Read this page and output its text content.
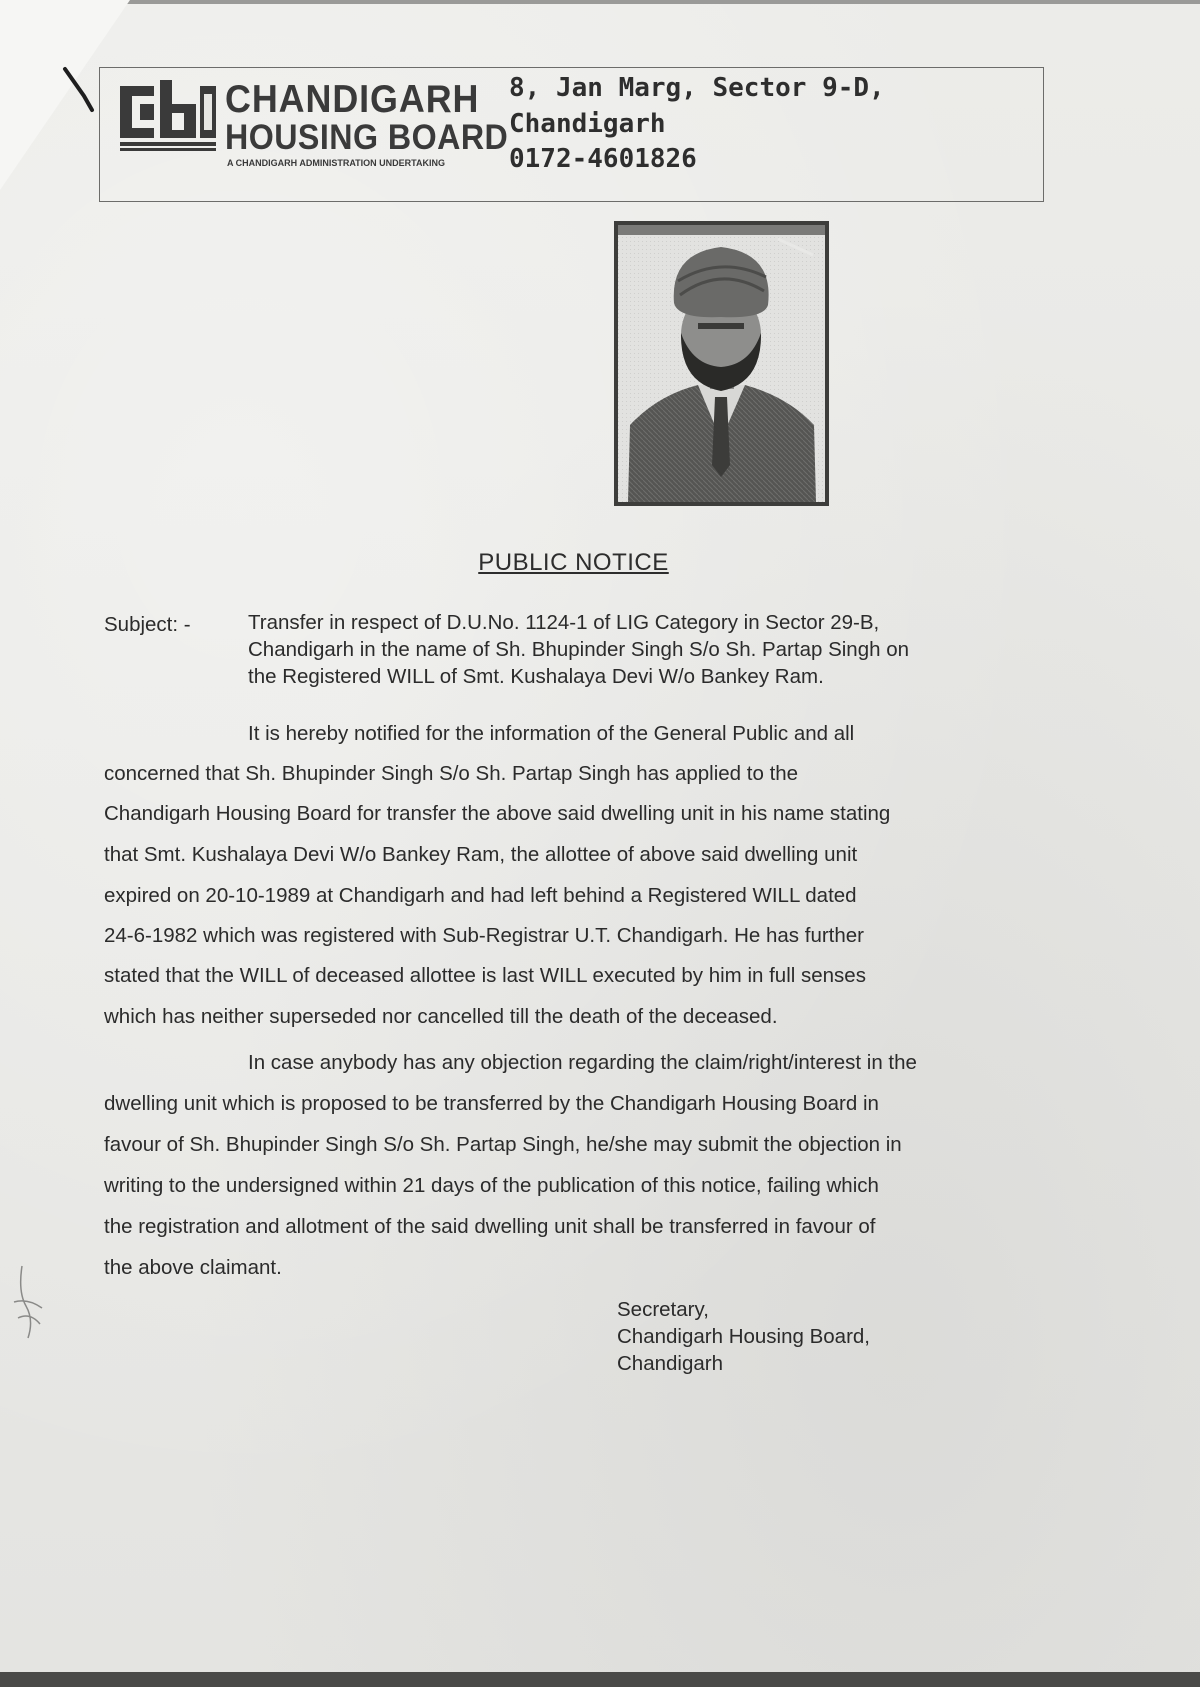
CHANDIGARH
HOUSING BOARD
A CHANDIGARH ADMINISTRATION UNDERTAKING
8, Jan Marg, Sector 9-D,
Chandigarh
0172-4601826
PUBLIC NOTICE
Subject: -	Transfer in respect of D.U.No. 1124-1 of LIG Category in Sector 29-B,
Chandigarh in the name of Sh. Bhupinder Singh S/o Sh. Partap Singh on
the Registered WILL of Smt. Kushalaya Devi W/o Bankey Ram.
It is hereby notified for the information of the General Public and all
concerned that Sh. Bhupinder Singh S/o Sh. Partap Singh has applied to the
Chandigarh Housing Board for transfer the above said dwelling unit in his name stating
that Smt. Kushalaya Devi W/o Bankey Ram, the allottee of above said dwelling unit
expired on 20-10-1989 at Chandigarh and had left behind a Registered WILL dated
24-6-1982 which was registered with Sub-Registrar U.T. Chandigarh. He has further
stated that the WILL of deceased allottee is last WILL executed by him in full senses
which has neither superseded nor cancelled till the death of the deceased.
In case anybody has any objection regarding the claim/right/interest in the
dwelling unit which is proposed to be transferred by the Chandigarh Housing Board in
favour of Sh. Bhupinder Singh S/o Sh. Partap Singh, he/she may submit the objection in
writing to the undersigned within 21 days of the publication of this notice, failing which
the registration and allotment of the said dwelling unit shall be transferred in favour of
the above claimant.
Secretary,
Chandigarh Housing Board,
Chandigarh
